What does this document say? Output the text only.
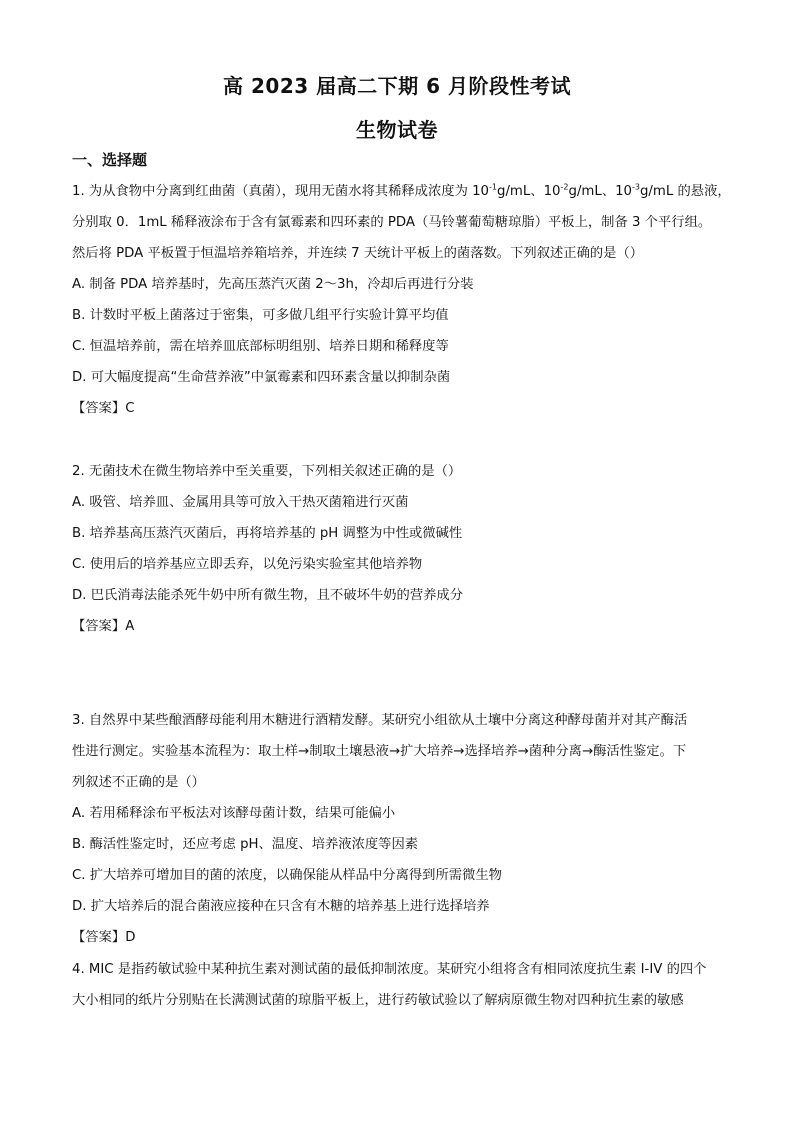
高 2023 届高二下期 6 月阶段性考试
生物试卷
一、选择题
1. 为从食物中分离到红曲菌（真菌），现用无菌水将其稀释成浓度为 $10^{-1}g/mL$、$10^{-2}g/mL$、$10^{-3}g/mL$ 的悬液，
分别取 0．1mL 稀释液涂布于含有氯霉素和四环素的 PDA（马铃薯葡萄糖琼脂）平板上，制备 3 个平行组。
然后将 PDA 平板置于恒温培养箱培养，并连续 7 天统计平板上的菌落数。下列叙述正确的是（）
A. 制备 PDA 培养基时，先高压蒸汽灭菌 2～3h，冷却后再进行分装
B. 计数时平板上菌落过于密集，可多做几组平行实验计算平均值
C. 恒温培养前，需在培养皿底部标明组别、培养日期和稀释度等
D. 可大幅度提高“生命营养液”中氯霉素和四环素含量以抑制杂菌
【答案】C
2. 无菌技术在微生物培养中至关重要，下列相关叙述正确的是（）
A. 吸管、培养皿、金属用具等可放入干热灭菌箱进行灭菌
B. 培养基高压蒸汽灭菌后，再将培养基的 pH 调整为中性或微碱性
C. 使用后的培养基应立即丢弃，以免污染实验室其他培养物
D. 巴氏消毒法能杀死牛奶中所有微生物，且不破坏牛奶的营养成分
【答案】A
3. 自然界中某些酿酒酵母能利用木糖进行酒精发酵。某研究小组欲从土壤中分离这种酵母菌并对其产酶活
性进行测定。实验基本流程为：取土样→制取土壤悬液→扩大培养→选择培养→菌种分离→酶活性鉴定。下
列叙述不正确的是（）
A. 若用稀释涂布平板法对该酵母菌计数，结果可能偏小
B. 酶活性鉴定时，还应考虑 pH、温度、培养液浓度等因素
C. 扩大培养可增加目的菌的浓度，以确保能从样品中分离得到所需微生物
D. 扩大培养后的混合菌液应接种在只含有木糖的培养基上进行选择培养
【答案】D
4. MIC 是指药敏试验中某种抗生素对测试菌的最低抑制浓度。某研究小组将含有相同浓度抗生素 I-IV 的四个
大小相同的纸片分别贴在长满测试菌的琼脂平板上，进行药敏试验以了解病原微生物对四种抗生素的敏感
